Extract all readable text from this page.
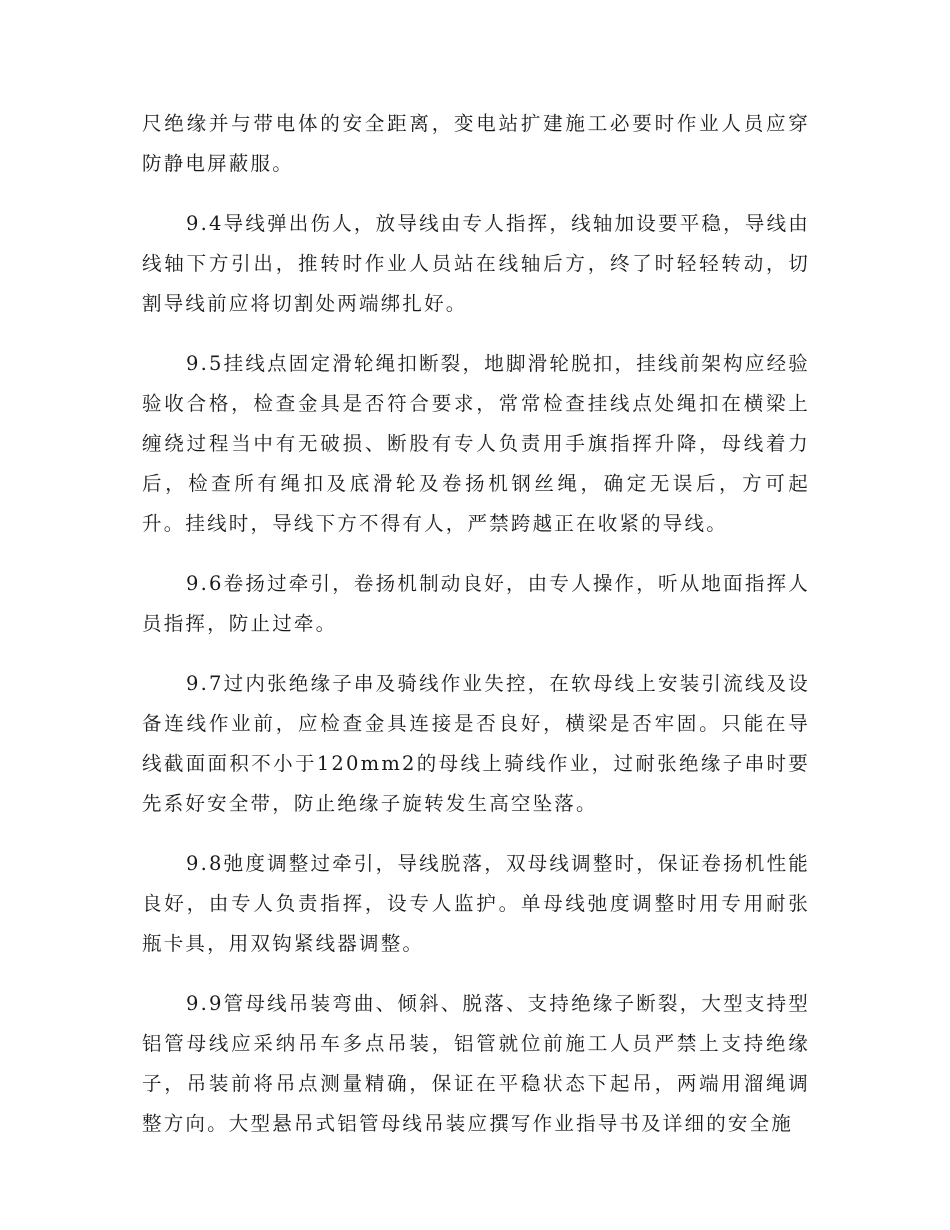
尺绝缘并与带电体的安全距离，变电站扩建施工必要时作业人员应穿防静电屏蔽服。

9.4导线弹出伤人，放导线由专人指挥，线轴加设要平稳，导线由线轴下方引出，推转时作业人员站在线轴后方，终了时轻轻转动，切割导线前应将切割处两端绑扎好。

9.5挂线点固定滑轮绳扣断裂，地脚滑轮脱扣，挂线前架构应经验验收合格，检查金具是否符合要求，常常检查挂线点处绳扣在横梁上缠绕过程当中有无破损、断股有专人负责用手旗指挥升降，母线着力后，检查所有绳扣及底滑轮及卷扬机钢丝绳，确定无误后，方可起升。挂线时，导线下方不得有人，严禁跨越正在收紧的导线。

9.6卷扬过牵引，卷扬机制动良好，由专人操作，听从地面指挥人员指挥，防止过牵。

9.7过内张绝缘子串及骑线作业失控，在软母线上安装引流线及设备连线作业前，应检查金具连接是否良好，横梁是否牢固。只能在导线截面面积不小于120mm2的母线上骑线作业，过耐张绝缘子串时要先系好安全带，防止绝缘子旋转发生高空坠落。

9.8弛度调整过牵引，导线脱落，双母线调整时，保证卷扬机性能良好，由专人负责指挥，设专人监护。单母线弛度调整时用专用耐张瓶卡具，用双钩紧线器调整。

9.9管母线吊装弯曲、倾斜、脱落、支持绝缘子断裂，大型支持型铝管母线应采纳吊车多点吊装，铝管就位前施工人员严禁上支持绝缘子，吊装前将吊点测量精确，保证在平稳状态下起吊，两端用溜绳调整方向。大型悬吊式铝管母线吊装应撰写作业指导书及详细的安全施
